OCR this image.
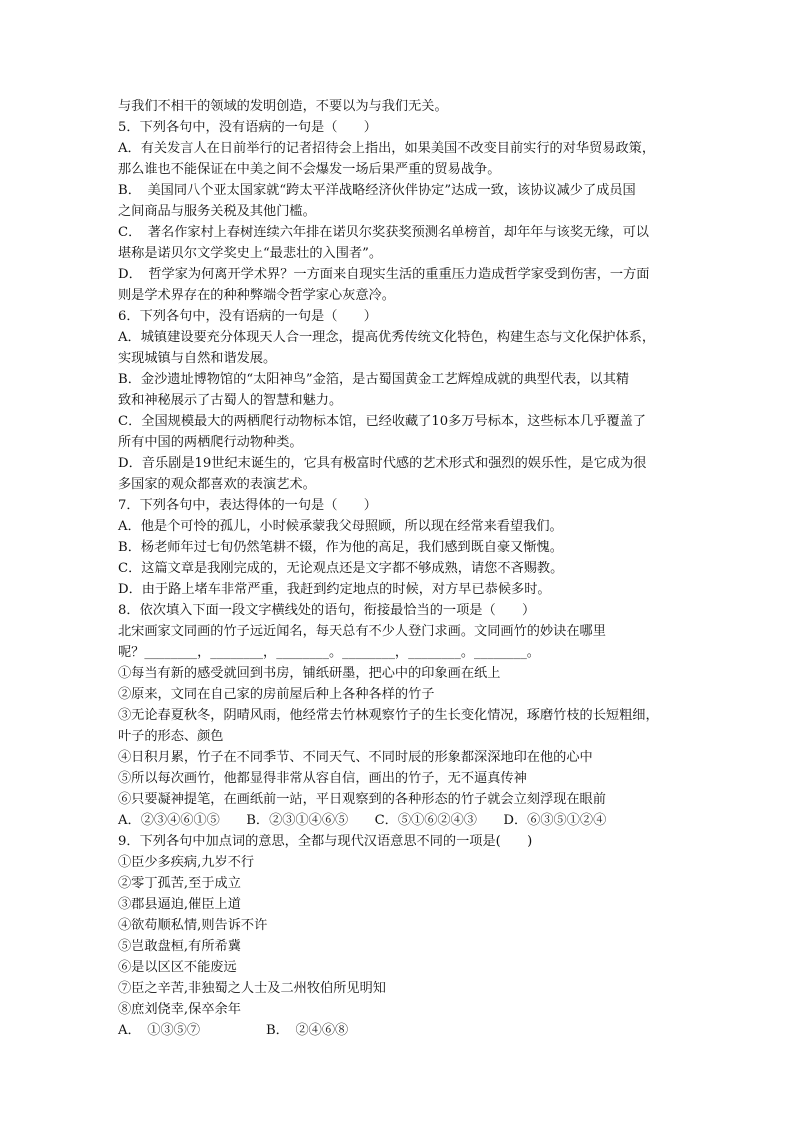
与我们不相干的领域的发明创造，不要以为与我们无关。
5．下列各句中，没有语病的一句是（　　）
A．有关发言人在日前举行的记者招待会上指出，如果美国不改变目前实行的对华贸易政策，
那么谁也不能保证在中美之间不会爆发一场后果严重的贸易战争。
B．　美国同八个亚太国家就“跨太平洋战略经济伙伴协定”达成一致，该协议减少了成员国
之间商品与服务关税及其他门槛。
C．　著名作家村上春树连续六年排在诺贝尔奖获奖预测名单榜首，却年年与该奖无缘，可以
堪称是诺贝尔文学奖史上“最悲壮的入围者”。
D．　哲学家为何离开学术界？一方面来自现实生活的重重压力造成哲学家受到伤害，一方面
则是学术界存在的种种弊端令哲学家心灰意冷。
6．下列各句中，没有语病的一句是（　　）
A．城镇建设要充分体现天人合一理念，提高优秀传统文化特色，构建生态与文化保护体系，
实现城镇与自然和谐发展。
B．金沙遗址博物馆的“太阳神鸟”金箔，是古蜀国黄金工艺辉煌成就的典型代表，以其精
致和神秘展示了古蜀人的智慧和魅力。
C．全国规模最大的两栖爬行动物标本馆，已经收藏了10多万号标本，这些标本几乎覆盖了
所有中国的两栖爬行动物种类。
D．音乐剧是19世纪末诞生的，它具有极富时代感的艺术形式和强烈的娱乐性，是它成为很
多国家的观众都喜欢的表演艺术。
7．下列各句中，表达得体的一句是（　　）
A．他是个可怜的孤儿，小时候承蒙我父母照顾，所以现在经常来看望我们。
B．杨老师年过七旬仍然笔耕不辍，作为他的高足，我们感到既自豪又惭愧。
C．这篇文章是我刚完成的，无论观点还是文字都不够成熟，请您不吝赐教。
D．由于路上堵车非常严重，我赶到约定地点的时候，对方早已恭候多时。
8．依次填入下面一段文字横线处的语句，衔接最恰当的一项是（　　）
北宋画家文同画的竹子远近闻名，每天总有不少人登门求画。文同画竹的妙诀在哪里
呢？________，________，________。________，________。________。
①每当有新的感受就回到书房，铺纸研墨，把心中的印象画在纸上
②原来，文同在自己家的房前屋后种上各种各样的竹子
③无论春夏秋冬，阴晴风雨，他经常去竹林观察竹子的生长变化情况，琢磨竹枝的长短粗细，
叶子的形态、颜色
④日积月累，竹子在不同季节、不同天气、不同时辰的形象都深深地印在他的心中
⑤所以每次画竹，他都显得非常从容自信，画出的竹子，无不逼真传神
⑥只要凝神提笔，在画纸前一站，平日观察到的各种形态的竹子就会立刻浮现在眼前
A．②③④⑥①⑤　　B．②③①④⑥⑤　　C．⑤①⑥②④③　　D．⑥③⑤①②④
9．下列各句中加点词的意思，全都与现代汉语意思不同的一项是(　　)
①臣少多疾病,九岁不行
②零丁孤苦,至于成立
③郡县逼迫,催臣上道
④欲苟顺私情,则告诉不许
⑤岂敢盘桓,有所希冀
⑥是以区区不能废远
⑦臣之辛苦,非独蜀之人士及二州牧伯所见明知
⑧庶刘侥幸,保卒余年
A．　①③⑤⑦　　　　　B．　②④⑥⑧
